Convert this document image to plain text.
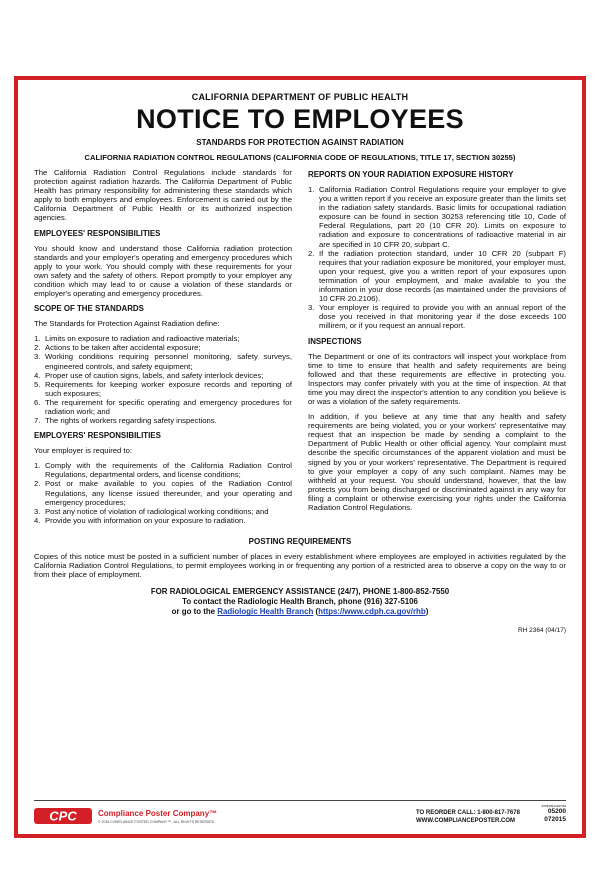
CALIFORNIA DEPARTMENT OF PUBLIC HEALTH
NOTICE TO EMPLOYEES
STANDARDS FOR PROTECTION AGAINST RADIATION
CALIFORNIA RADIATION CONTROL REGULATIONS (CALIFORNIA CODE OF REGULATIONS, TITLE 17, SECTION 30255)

The California Radiation Control Regulations include standards for protection against radiation hazards. The California Department of Public Health has primary responsibility for administering these standards which apply to both employers and employees. Enforcement is carried out by the California Department of Public Health or its authorized inspection agencies.

EMPLOYEES' RESPONSIBILITIES

You should know and understand those California radiation protection standards and your employer's operating and emergency procedures which apply to your work. You should comply with these requirements for your own safety and the safety of others. Report promptly to your employer any condition which may lead to or cause a violation of these standards or employer's operating and emergency procedures.

SCOPE OF THE STANDARDS

The Standards for Protection Against Radiation define:

1. Limits on exposure to radiation and radioactive materials;
2. Actions to be taken after accidental exposure;
3. Working conditions requiring personnel monitoring, safety surveys, engineered controls, and safety equipment;
4. Proper use of caution signs, labels, and safety interlock devices;
5. Requirements for keeping worker exposure records and reporting of such exposures;
6. The requirement for specific operating and emergency procedures for radiation work; and
7. The rights of workers regarding safety inspections.
EMPLOYERS' RESPONSIBILITIES

Your employer is required to:

1. Comply with the requirements of the California Radiation Control Regulations, departmental orders, and license conditions;
2. Post or make available to you copies of the Radiation Control Regulations, any license issued thereunder, and your operating and emergency procedures;
3. Post any notice of violation of radiological working conditions; and
4. Provide you with information on your exposure to radiation.
REPORTS ON YOUR RADIATION EXPOSURE HISTORY
1. California Radiation Control Regulations require your employer to give you a written report if you receive an exposure greater than the limits set in the radiation safety standards. Basic limits for occupational radiation exposure can be found in section 30253 referencing title 10, Code of Federal Regulations, part 20 (10 CFR 20). Limits on exposure to radiation and exposure to concentrations of radioactive material in air are specified in 10 CFR 20, subpart C.
2. If the radiation protection standard, under 10 CFR 20 (subpart F) requires that your radiation exposure be monitored, your employer must, upon your request, give you a written report of your exposures upon termination of your employment, and make available to you the information in your dose records (as maintained under the provisions of 10 CFR 20.2106).
3. Your employer is required to provide you with an annual report of the dose you received in that monitoring year if the dose exceeds 100 millirem, or if you request an annual report.
INSPECTIONS

The Department or one of its contractors will inspect your workplace from time to time to ensure that health and safety requirements are being followed and that these requirements are effective in protecting you. Inspectors may confer privately with you at the time of inspection. At that time you may direct the inspector's attention to any condition you believe is or was a violation of the safety requirements.

In addition, if you believe at any time that any health and safety requirements are being violated, you or your workers' representative may request that an inspection be made by sending a complaint to the Department of Public Health or other official agency. Your complaint must describe the specific circumstances of the apparent violation and must be signed by you or your workers' representative. The Department is required to give your employer a copy of any such complaint. Names may be withheld at your request. You should understand, however, that the law protects you from being discharged or discriminated against in any way for filing a complaint or otherwise exercising your rights under the California Radiation Control Regulations.

POSTING REQUIREMENTS

Copies of this notice must be posted in a sufficient number of places in every establishment where employees are employed in activities regulated by the California Radiation Control Regulations, to permit employees working in or frequenting any portion of a restricted area to observe a copy on the way to or from their place of employment.

FOR RADIOLOGICAL EMERGENCY ASSISTANCE (24/7), PHONE 1-800-852-7550
To contact the Radiologic Health Branch, phone (916) 327-5106
or go to the Radiologic Health Branch (https://www.cdph.ca.gov/rhb)
RH 2364 (04/17)
CPC	Compliance Poster Company™
© 2016 COMPLIANCE POSTER COMPANY™ - ALL RIGHTS RESERVED
TO REORDER CALL: 1-800-817-7678
WWW.COMPLIANCEPOSTER.COM
0703100-04/17/16
05200
072015
